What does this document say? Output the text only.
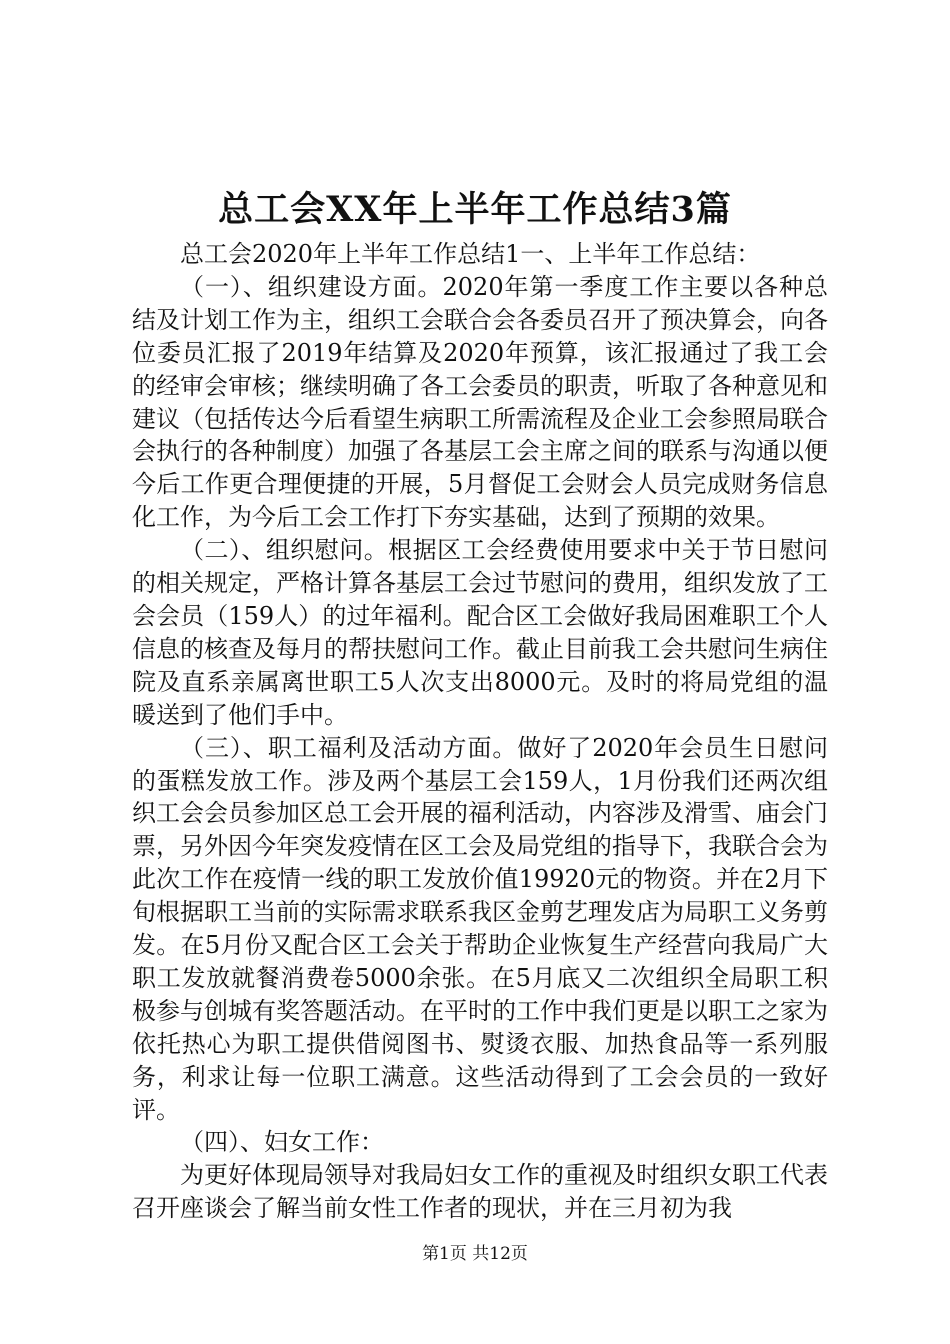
总工会XX年上半年工作总结3篇

总工会2020年上半年工作总结1一、上半年工作总结：

（一）、组织建设方面。2020年第一季度工作主要以各种总结及计划工作为主，组织工会联合会各委员召开了预决算会，向各位委员汇报了2019年结算及2020年预算，该汇报通过了我工会的经审会审核；继续明确了各工会委员的职责，听取了各种意见和建议（包括传达今后看望生病职工所需流程及企业工会参照局联合会执行的各种制度）加强了各基层工会主席之间的联系与沟通以便今后工作更合理便捷的开展，5月督促工会财会人员完成财务信息化工作，为今后工会工作打下夯实基础，达到了预期的效果。

（二）、组织慰问。根据区工会经费使用要求中关于节日慰问的相关规定，严格计算各基层工会过节慰问的费用，组织发放了工会会员（159人）的过年福利。配合区工会做好我局困难职工个人信息的核查及每月的帮扶慰问工作。截止目前我工会共慰问生病住院及直系亲属离世职工5人次支出8000元。及时的将局党组的温暖送到了他们手中。

（三）、职工福利及活动方面。做好了2020年会员生日慰问的蛋糕发放工作。涉及两个基层工会159人，1月份我们还两次组织工会会员参加区总工会开展的福利活动，内容涉及滑雪、庙会门票，另外因今年突发疫情在区工会及局党组的指导下，我联合会为此次工作在疫情一线的职工发放价值19920元的物资。并在2月下旬根据职工当前的实际需求联系我区金剪艺理发店为局职工义务剪发。在5月份又配合区工会关于帮助企业恢复生产经营向我局广大职工发放就餐消费卷5000余张。在5月底又二次组织全局职工积极参与创城有奖答题活动。在平时的工作中我们更是以职工之家为依托热心为职工提供借阅图书、熨烫衣服、加热食品等一系列服务，利求让每一位职工满意。这些活动得到了工会会员的一致好评。

（四）、妇女工作：

为更好体现局领导对我局妇女工作的重视及时组织女职工代表召开座谈会了解当前女性工作者的现状，并在三月初为我

第1页 共12页
